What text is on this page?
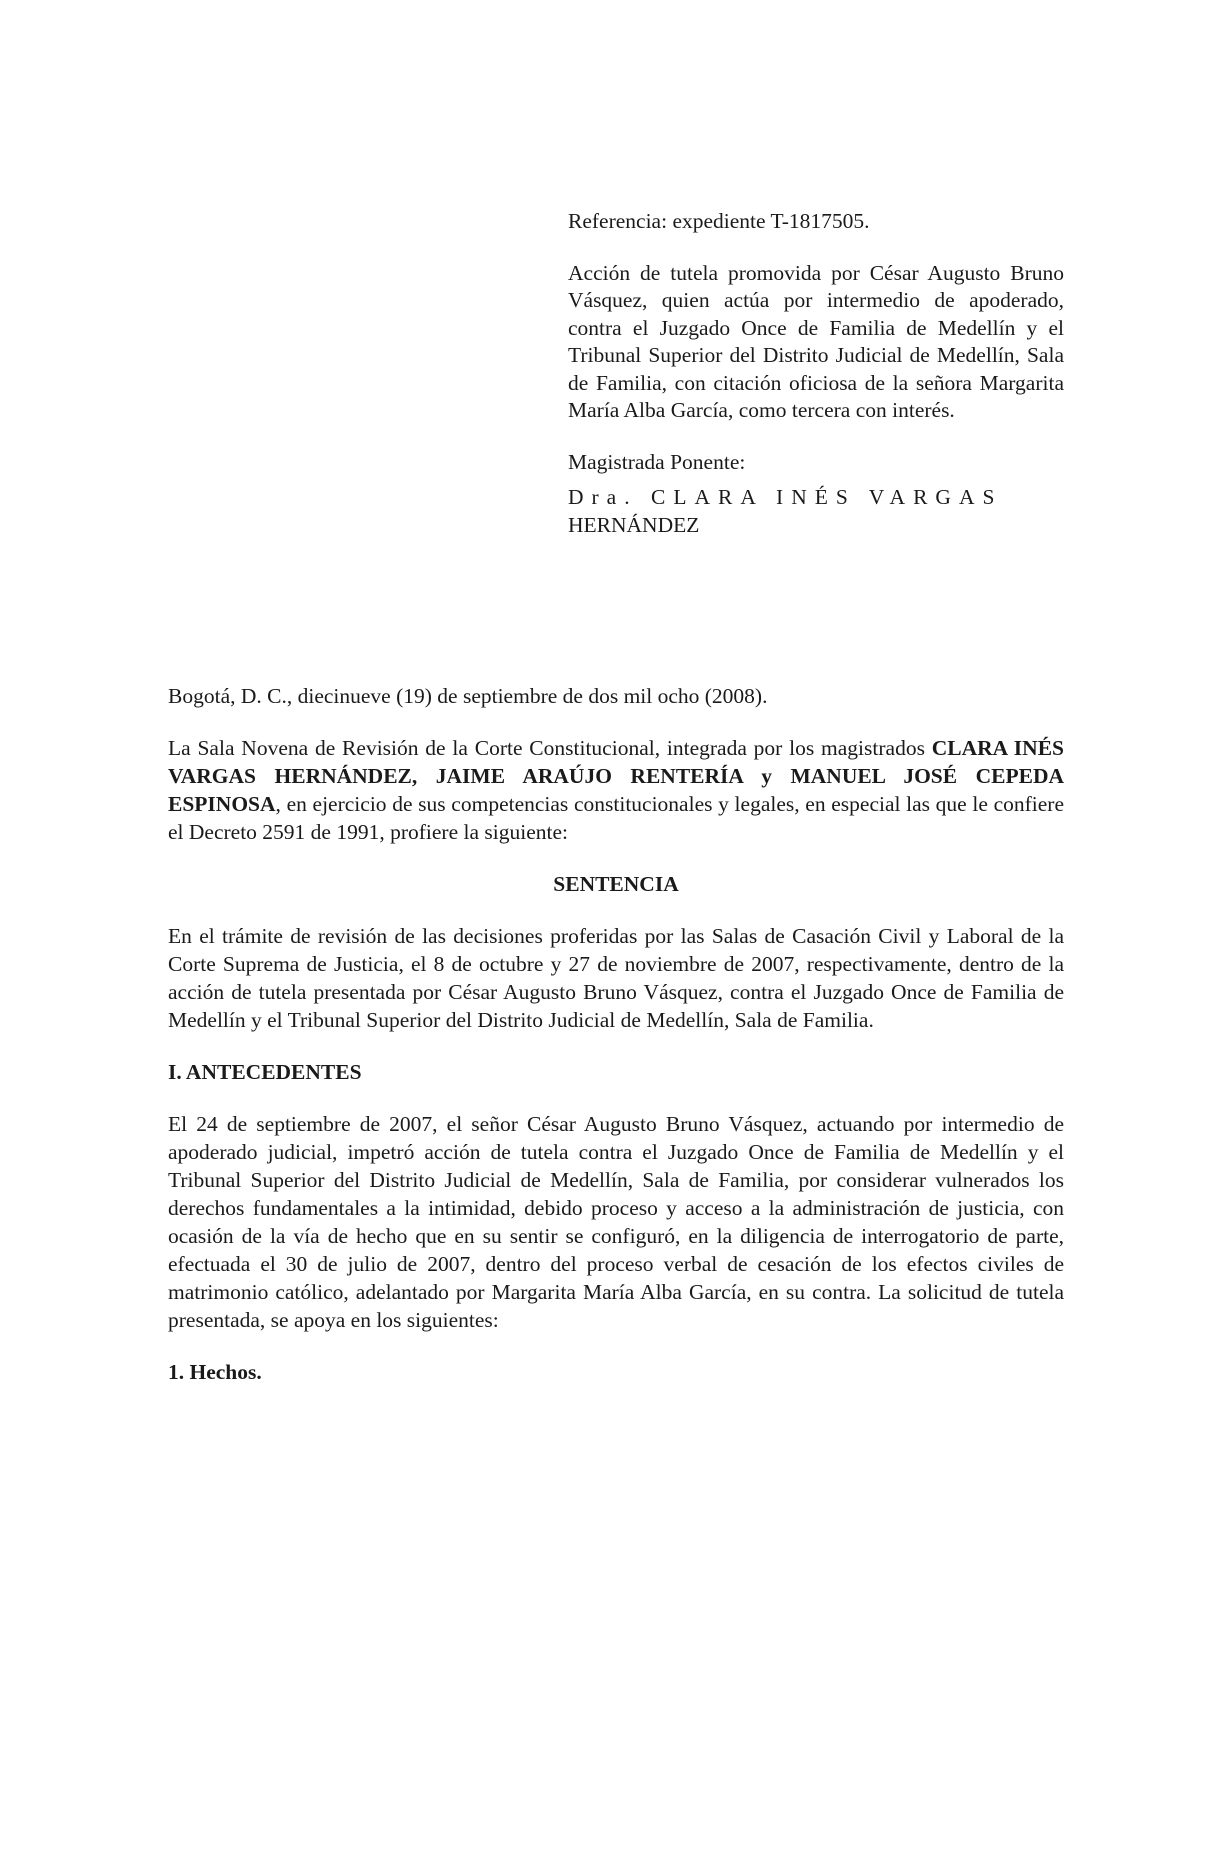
Referencia: expediente T-1817505.

Acción de tutela promovida por César Augusto Bruno Vásquez, quien actúa por intermedio de apoderado, contra el Juzgado Once de Familia de Medellín y el Tribunal Superior del Distrito Judicial de Medellín, Sala de Familia, con citación oficiosa de la señora Margarita María Alba García, como tercera con interés.

Magistrada Ponente:

Dra. CLARA INÉS VARGAS

HERNÁNDEZ

Bogotá, D. C., diecinueve (19) de septiembre de dos mil ocho (2008).

La Sala Novena de Revisión de la Corte Constitucional, integrada por los magistrados CLARA INÉS VARGAS HERNÁNDEZ, JAIME ARAÚJO RENTERÍA y MANUEL JOSÉ CEPEDA ESPINOSA, en ejercicio de sus competencias constitucionales y legales, en especial las que le confiere el Decreto 2591 de 1991, profiere la siguiente:

SENTENCIA

En el trámite de revisión de las decisiones proferidas por las Salas de Casación Civil y Laboral de la Corte Suprema de Justicia, el 8 de octubre y 27 de noviembre de 2007, respectivamente, dentro de la acción de tutela presentada por César Augusto Bruno Vásquez, contra el Juzgado Once de Familia de Medellín y el Tribunal Superior del Distrito Judicial de Medellín, Sala de Familia.

I. ANTECEDENTES

El 24 de septiembre de 2007, el señor César Augusto Bruno Vásquez, actuando por intermedio de apoderado judicial, impetró acción de tutela contra el Juzgado Once de Familia de Medellín y el Tribunal Superior del Distrito Judicial de Medellín, Sala de Familia, por considerar vulnerados los derechos fundamentales a la intimidad, debido proceso y acceso a la administración de justicia, con ocasión de la vía de hecho que en su sentir se configuró, en la diligencia de interrogatorio de parte, efectuada el 30 de julio de 2007, dentro del proceso verbal de cesación de los efectos civiles de matrimonio católico, adelantado por Margarita María Alba García, en su contra. La solicitud de tutela presentada, se apoya en los siguientes:

1. Hechos.
